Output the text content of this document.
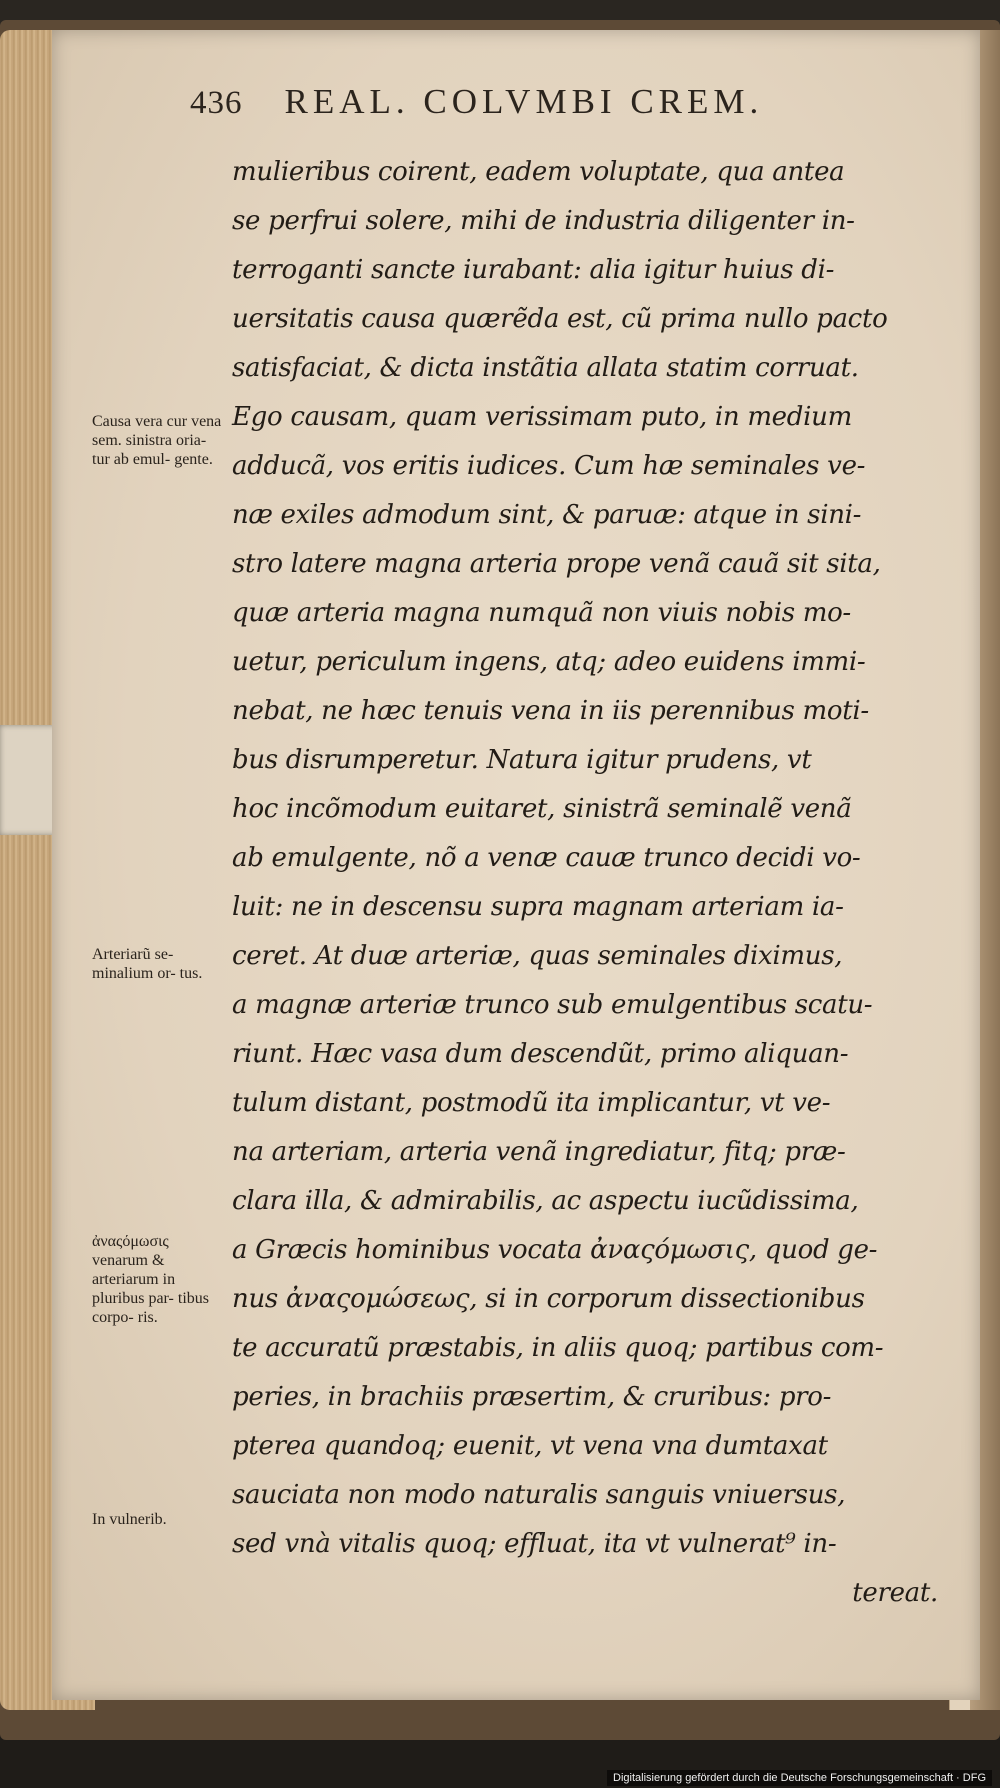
436 REAL. COLVMBI CREM.
mulieribus coirent, eadem voluptate, qua antea
se perfrui solere, mihi de industria diligenter in-
terroganti sancte iurabant: alia igitur huius di-
uersitatis causa quærẽda est, cũ prima nullo pacto
satisfaciat, & dicta instãtia allata statim corruat.
Ego causam, quam verissimam puto, in medium
adducã, vos eritis iudices. Cum hæ seminales ve-
næ exiles admodum sint, & paruæ: atque in sini-
stro latere magna arteria prope venã cauã sit sita,
quæ arteria magna numquã non viuis nobis mo-
uetur, periculum ingens, atq; adeo euidens immi-
nebat, ne hæc tenuis vena in iis perennibus moti-
bus disrumperetur. Natura igitur prudens, vt
hoc incõmodum euitaret, sinistrã seminalẽ venã
ab emulgente, nõ a venæ cauæ trunco decidi vo-
luit: ne in descensu supra magnam arteriam ia-
ceret. At duæ arteriæ, quas seminales diximus,
a magnæ arteriæ trunco sub emulgentibus scatu-
riunt. Hæc vasa dum descendũt, primo aliquan-
tulum distant, postmodũ ita implicantur, vt ve-
na arteriam, arteria venã ingrediatur, fitq; præ-
clara illa, & admirabilis, ac aspectu iucũdissima,
a Græcis hominibus vocata ἀναςόμωσις, quod ge-
nus ἀναςομώσεως, si in corporum dissectionibus
te accuratũ præstabis, in aliis quoq; partibus com-
peries, in brachiis præsertim, & cruribus: pro-
pterea quandoq; euenit, vt vena vna dumtaxat
sauciata non modo naturalis sanguis vniuersus,
sed vnà vitalis quoq; effluat, ita vt vulnerat⁹ in-
tereat.
Causa vera cur vena sem. sinistra oria- tur ab emul- gente.
Arteriarũ se- minalium or- tus.
ἀναςόμωσις venarum & arteriarum in pluribus par- tibus corpo- ris.
In vulnerib.
Digitalisierung gefördert durch die Deutsche Forschungsgemeinschaft · DFG
